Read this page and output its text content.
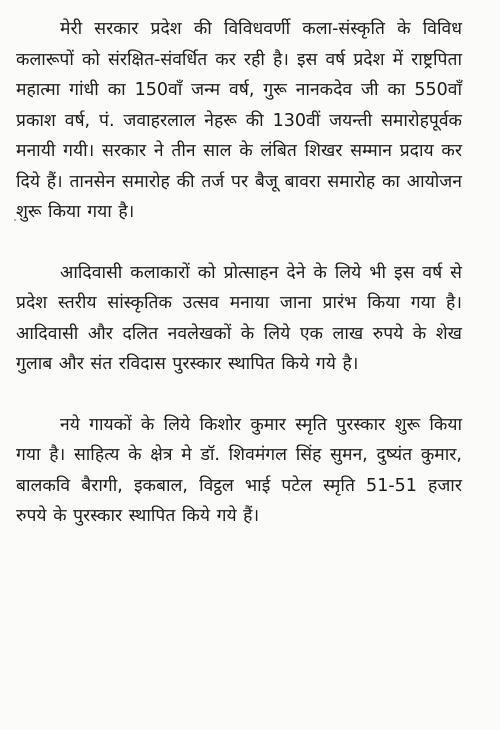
मेरी सरकार प्रदेश की विविधवर्णी कला-संस्कृति के विविध कलारूपों को संरक्षित-संवर्धित कर रही है। इस वर्ष प्रदेश में राष्ट्रपिता महात्मा गांधी का 150वाँ जन्म वर्ष, गुरू नानकदेव जी का 550वाँ प्रकाश वर्ष, पं. जवाहरलाल नेहरू की 130वीं जयन्ती समारोहपूर्वक मनायी गयी। सरकार ने तीन साल के लंबित शिखर सम्मान प्रदाय कर दिये हैं। तानसेन समारोह की तर्ज पर बैजू बावरा समारोह का आयोजन शुरू किया गया है।

आदिवासी कलाकारों को प्रोत्साहन देने के लिये भी इस वर्ष से प्रदेश स्तरीय सांस्कृतिक उत्सव मनाया जाना प्रारंभ किया गया है। आदिवासी और दलित नवलेखकों के लिये एक लाख रुपये के शेख गुलाब और संत रविदास पुरस्कार स्थापित किये गये है।

नये गायकों के लिये किशोर कुमार स्मृति पुरस्कार शुरू किया गया है। साहित्य के क्षेत्र मे डॉ. शिवमंगल सिंह सुमन, दुष्यंत कुमार, बालकवि बैरागी, इकबाल, विट्ठल भाई पटेल स्मृति 51-51 हजार रुपये के पुरस्कार स्थापित किये गये हैं।
